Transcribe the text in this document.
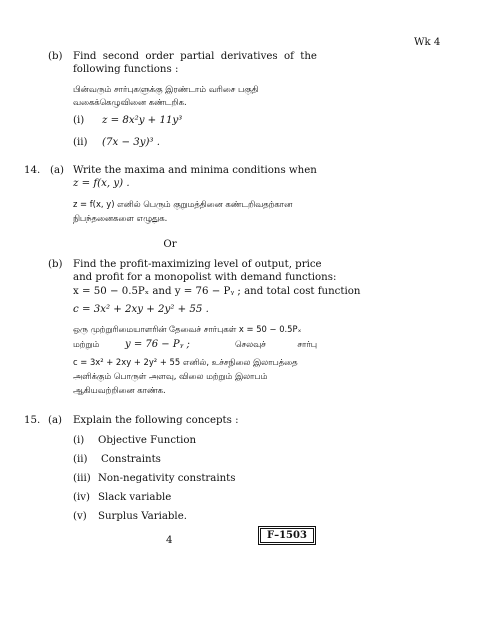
Wk 4
(b) Find second order partial derivatives of the
following functions :
பின்வரும் சார்புகளுக்கு இரண்டாம் வரிசை பகுதி
வகைக்கெழுவினை கண்டறிக.
(i) z = 8x²y + 11y³
(ii) (7x − 3y)³ .
14. (a) Write the maxima and minima conditions when
z = f(x, y) .
z = f(x, y) எனில் பெரும் குறுமத்தினை கண்டறிவதற்கான
நிபந்தனைகளை எழுதுக.
Or
(b) Find the profit-maximizing level of output, price
and profit for a monopolist with demand functions:
x = 50 − 0.5Pₓ and y = 76 − Pᵧ ; and total cost function
c = 3x² + 2xy + 2y² + 55 .
ஒரு முற்றுரிமையாளரின் தேவைச் சார்புகள் x = 50 − 0.5Pₓ
மற்றும்	y = 76 − Pᵧ ;	செலவுச்	சார்பு
c = 3x² + 2xy + 2y² + 55 எனில், உச்சநிலை இலாபத்தை
அளிக்கும் பொருள் அளவு, விலை மற்றும் இலாபம்
ஆகியவற்றினை காண்க.
15. (a) Explain the following concepts :
(i) Objective Function
(ii) Constraints
(iii) Non-negativity constraints
(iv) Slack variable
(v) Surplus Variable.
4	F–1503
